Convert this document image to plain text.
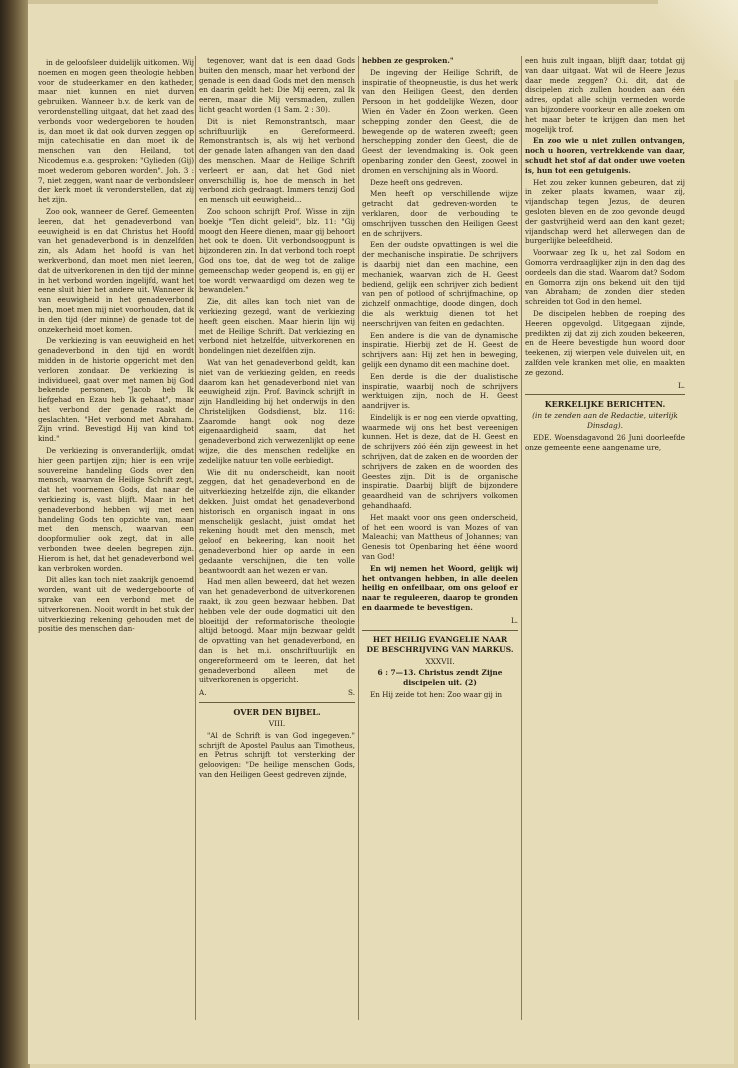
in de geloofsleer duidelijk uitkomen. Wij noemen en mogen geen theologie hebben voor de studeerkamer en den katheder, maar niet kunnen en niet durven gebruiken. Wanneer b.v. de kerk van de verordenstelling uitgaat, dat het zaad des verbonds voor wedergeboren te houden is, dan moet ik dat ook durven zeggen op mijn catechisatie en dan moet ik de menschen van den Heiland, tot Nicodemus e.a. gesproken: "Gylieden (Gij) moet wederom geboren worden". Joh. 3 : 7, niet zeggen, want naar de verbondsleer der kerk moet ik veronderstellen, dat zij het zijn.

Zoo ook, wanneer de Geref. Gemeenten leeren, dat het genadeverbond van eeuwigheid is en dat Christus het Hoofd van het genadeverbond is in denzelfden zin, als Adam het hoofd is van het werkverbond, dan moet men niet leeren, dat de uitverkorenen in den tijd der minne in het verbond worden ingelijfd, want het eene sluit hier het andere uit. Wanneer ik van eeuwigheid in het genadeverbond ben, moet men mij niet voorhouden, dat ik in den tijd (der minne) de genade tot de onzekerheid moet komen.

De verkiezing is van eeuwigheid en het genadeverbond in den tijd en wordt midden in de historie opgericht met den verloren zondaar. De verkiezing is individueel, gaat over met namen bij God bekende personen, "Jacob heb Ik liefgehad en Ezau heb Ik gehaat", maar het verbond der genade raakt de geslachten. "Het verbond met Abraham. Zijn vrind. Bevestigd Hij van kind tot kind."

De verkiezing is onveranderlijk, omdat hier geen partijen zijn; hier is een vrije souvereine handeling Gods over den mensch, waarvan de Heilige Schrift zegt, dat het voornemen Gods, dat naar de verkiezing is, vast blijft. Maar in het genadeverbond hebben wij met een handeling Gods ten opzichte van, maar met den mensch, waarvan een doopformulier ook zegt, dat in alle verbonden twee deelen begrepen zijn. Hierom is het, dat het genadeverbond wel kan verbroken worden.

Dit alles kan toch niet zaakrijk genoemd worden, want uit de wedergeboorte of sprake van een verbond met de uitverkorenen. Nooit wordt in het stuk der uitverkiezing rekening gehouden met de positie des menschen dan-

tegenover, want dat is een daad Gods buiten den mensch, maar het verbond der genade is een daad Gods met den mensch en daarin geldt het: Die Mij eeren, zal Ik eeren, maar die Mij versmaden, zullen licht geacht worden (1 Sam. 2 : 30).

Dit is niet Remonstrantsch, maar schriftuurlijk en Gereformeerd. Remonstrantsch is, als wij het verbond der genade laten afhangen van den daad des menschen. Maar de Heilige Schrift verleert er aan, dat het God niet onverschillig is, hoe de mensch in het verbond zich gedraagt. Immers tenzij God en mensch uit eeuwigheid...

Zoo schoon schrijft Prof. Wisse in zijn boekje "Ten dicht geleid", blz. 11: "Gij moogt den Heere dienen, maar gij behoort het ook te doen. Uit verbondsoogpunt is bijzonderen zin. In dat verbond toch roept God ons toe, dat de weg tot de zalige gemeenschap weder geopend is, en gij er toe wordt verwaardigd om dezen weg te bewandelen."

Zie, dit alles kan toch niet van de verkiezing gezegd, want de verkiezing heeft geen eischen. Maar hierin lijn wij met de Heilige Schrift. Dat verkiezing en verbond niet hetzelfde, uitverkorenen en bondelingen niet dezelfden zijn.

Wat van het genadeverbond geldt, kan niet van de verkiezing gelden, en reeds daarom kan het genadeverbond niet van eeuwigheid zijn. Prof. Bavinck schrijft in zijn Handleiding bij het onderwijs in den Christelijken Godsdienst, blz. 116: Zaaromde hangt ook nog deze eigenaardigheid saam, dat het genadeverbond zich verwezenlijkt op eene wijze, die des menschen redelijke en zedelijke natuur ten volle eerbiedigt.

Wie dit nu onderscheidt, kan nooit zeggen, dat het genadeverbond en de uitverkiezing hetzelfde zijn, die elkander dekken. Juist omdat het genadeverbond historisch en organisch ingaat in ons menschelijk geslacht, juist omdat het rekening houdt met den mensch, met geloof en bekeering, kan nooit het genadeverbond hier op aarde in een gedaante verschijnen, die ten volle beantwoordt aan het wezen er van.

Had men allen beweerd, dat het wezen van het genadeverbond de uitverkorenen raakt, ik zou geen bezwaar hebben. Dat hebben vele der oude dogmatici uit den bloeitijd der reformatorische theologie altijd betoogd. Maar mijn bezwaar geldt de opvatting van het genadeverbond, en dan is het m.i. onschriftuurlijk en ongereformeerd om te leeren, dat het genadeverbond alleen met de uitverkorenen is opgericht.

A.	S.

OVER DEN BIJBEL.

VIII.

"Al de Schrift is van God ingegeven." schrijft de Apostel Paulus aan Timotheus, en Petrus schrijft tot versterking der geloovigen: "De heilige menschen Gods, van den Heiligen Geest gedreven zijnde,

hebben ze gesproken."

De ingeving der Heilige Schrift, de inspiratie of theopneustie, is dus het werk van den Heiligen Geest, den derden Persoon in het goddelijke Wezen, door Wien én Vader én Zoon werken. Geen schepping zonder den Geest, die de bewegende op de wateren zweeft; geen herschepping zonder den Geest, die de Geest der levendmaking is. Ook geen openbaring zonder den Geest, zoowel in dromen en verschijning als in Woord.

Deze heeft ons gedreven.

Men heeft op verschillende wijze getracht dat gedreven-worden te verklaren, door de verbouding te omschrijven tusschen den Heiligen Geest en de schrijvers.

Een der oudste opvattingen is wel die der mechanische inspiratie. De schrijvers is daarbij niet dan een machine, een mechaniek, waarvan zich de H. Geest bediend, gelijk een schrijver zich bedient van pen of potlood of schrijfmachine, op zichzelf onmachtige, doode dingen, doch die als werktuig dienen tot het neerschrijven van feiten en gedachten.

Een andere is die van de dynamische inspiratie. Hierbij zet de H. Geest de schrijvers aan: Hij zet hen in beweging, gelijk een dynamo dit een machine doet.

Een derde is die der dualistische inspiratie, waarbij noch de schrijvers werktuigen zijn, noch de H. Geest aandrijver is.

Eindelijk is er nog een vierde opvatting, waarmede wij ons het best vereenigen kunnen. Het is deze, dat de H. Geest en de schrijvers zóó één zijn geweest in het schrijven, dat de zaken en de woorden der schrijvers de zaken en de woorden des Geestes zijn. Dit is de organische inspiratie. Daarbij blijft de bijzondere geaardheid van de schrijvers volkomen gehandhaafd.

Het maakt voor ons geen onderscheid, of het een woord is van Mozes of van Maleachi; van Mattheus of Johannes; van Genesis tot Openbaring het ééne woord van God!

En wij nemen het Woord, gelijk wij het ontvangen hebben, in alle deelen heilig en onfeilbaar, om ons geloof er naar te reguleeren, daarop te gronden en daarmede te bevestigen.

L.

HET HEILIG EVANGELIE NAAR

DE BESCHRIJVING VAN MARKUS.

XXXVII.

6 : 7—13. Christus zendt Zijne discipelen uit. (2)

En Hij zeide tot hen: Zoo waar gij in

een huis zult ingaan, blijft daar, totdat gij van daar uitgaat. Wat wil de Heere Jezus daar mede zeggen? O.i. dit, dat de discipelen zich zullen houden aan één adres, opdat alle schijn vermeden worde van bijzondere voorkeur en alle zoeken om het maar beter te krijgen dan men het mogelijk trof.

En zoo wie u niet zullen ontvangen, noch u hooren, vertrekkende van daar, schudt het stof af dat onder uwe voeten is, hun tot een getuigenis.

Het zou zeker kunnen gebeuren, dat zij in zeker plaats kwamen, waar zij, vijandschap tegen Jezus, de deuren gesloten bleven en de zoo gevonde deugd der gastvrijheid werd aan den kant gezet; vijandschap werd het allerwegen dan de burgerlijke beleefdheid.

Voorwaar zeg Ik u, het zal Sodom en Gomorra verdraaglijker zijn in den dag des oordeels dan die stad. Waarom dat? Sodom en Gomorra zijn ons bekend uit den tijd van Abraham; de zonden dier steden schreiden tot God in den hemel.

De discipelen hebben de roeping des Heeren opgevolgd. Uitgegaan zijnde, predikten zij dat zij zich zouden bekeeren, en de Heere bevestigde hun woord door teekenen, zij wierpen vele duivelen uit, en zalfden vele kranken met olie, en maakten ze gezond.

L.

KERKELIJKE BERICHTEN.

(in te zenden aan de Redactie, uiterlijk Dinsdag).

EDE. Woensdagavond 26 Juni doorleefde onze gemeente eene aangename ure,
